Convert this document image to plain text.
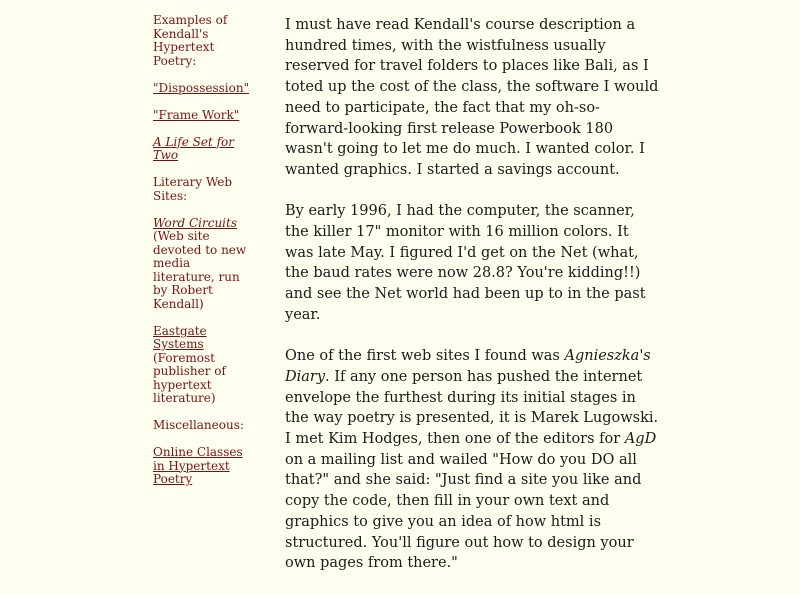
Examples of Kendall's Hypertext Poetry:
"Dispossession"
"Frame Work"
A Life Set for Two
Literary Web Sites:
Word Circuits
(Web site devoted to new media literature, run by Robert Kendall)
Eastgate Systems
(Foremost publisher of hypertext literature)
Miscellaneous:
Online Classes in Hypertext Poetry

I must have read Kendall's course description a hundred times, with the wistfulness usually reserved for travel folders to places like Bali, as I toted up the cost of the class, the software I would need to participate, the fact that my oh-so-forward-looking first release Powerbook 180 wasn't going to let me do much. I wanted color. I wanted graphics. I started a savings account.

By early 1996, I had the computer, the scanner, the killer 17" monitor with 16 million colors. It was late May. I figured I'd get on the Net (what, the baud rates were now 28.8? You're kidding!!) and see the Net world had been up to in the past year.

One of the first web sites I found was Agnieszka's Diary. If any one person has pushed the internet envelope the furthest during its initial stages in the way poetry is presented, it is Marek Lugowski. I met Kim Hodges, then one of the editors for AgD on a mailing list and wailed "How do you DO all that?" and she said: "Just find a site you like and copy the code, then fill in your own text and graphics to give you an idea of how html is structured. You'll figure out how to design your own pages from there."
